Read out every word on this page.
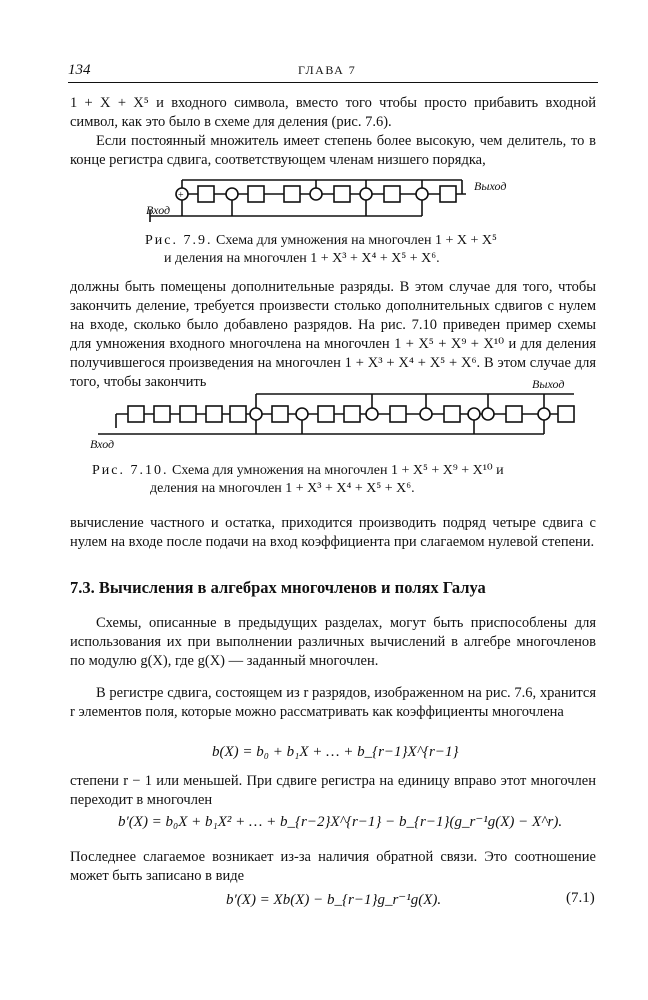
134	ГЛАВА 7
1 + X + X⁵ и входного символа, вместо того чтобы просто прибавить входной символ, как это было в схеме для деления (рис. 7.6).
Если постоянный множитель имеет степень более высокую, чем делитель, то в конце регистра сдвига, соответствующем членам низшего порядка,
+
Вход
Выход
Рис. 7.9. Схема для умножения на многочлен 1 + X + X⁵
и деления на многочлен 1 + X³ + X⁴ + X⁵ + X⁶.
должны быть помещены дополнительные разряды. В этом случае для того, чтобы закончить деление, требуется произвести столько дополнительных сдвигов с нулем на входе, сколько было добавлено разрядов. На рис. 7.10 приведен пример схемы для умножения входного многочлена на многочлен 1 + X⁵ + X⁹ + X¹⁰ и для деления получившегося произведения на многочлен 1 + X³ + X⁴ + X⁵ + X⁶. В этом случае для того, чтобы закончить	Выход
Вход
Рис. 7.10. Схема для умножения на многочлен 1 + X⁵ + X⁹ + X¹⁰ и
деления на многочлен 1 + X³ + X⁴ + X⁵ + X⁶.
вычисление частного и остатка, приходится производить подряд четыре сдвига с нулем на входе после подачи на вход коэффициента при слагаемом нулевой степени.
7.3. Вычисления в алгебрах многочленов и полях Галуа
Схемы, описанные в предыдущих разделах, могут быть приспособлены для использования их при выполнении различных вычислений в алгебре многочленов по модулю g(X), где g(X) — заданный многочлен.
В регистре сдвига, состоящем из r разрядов, изображенном на рис. 7.6, хранится r элементов поля, которые можно рассматривать как коэффициенты многочлена
b(X) = b₀ + b₁X + … + b_{r−1}X^{r−1}
степени r − 1 или меньшей. При сдвиге регистра на единицу вправо этот многочлен переходит в многочлен
b′(X) = b₀X + b₁X² + … + b_{r−2}X^{r−1} − b_{r−1}(g_r⁻¹g(X) − X^r).
Последнее слагаемое возникает из-за наличия обратной связи. Это соотношение может быть записано в виде
b′(X) = Xb(X) − b_{r−1}g_r⁻¹g(X).	(7.1)
